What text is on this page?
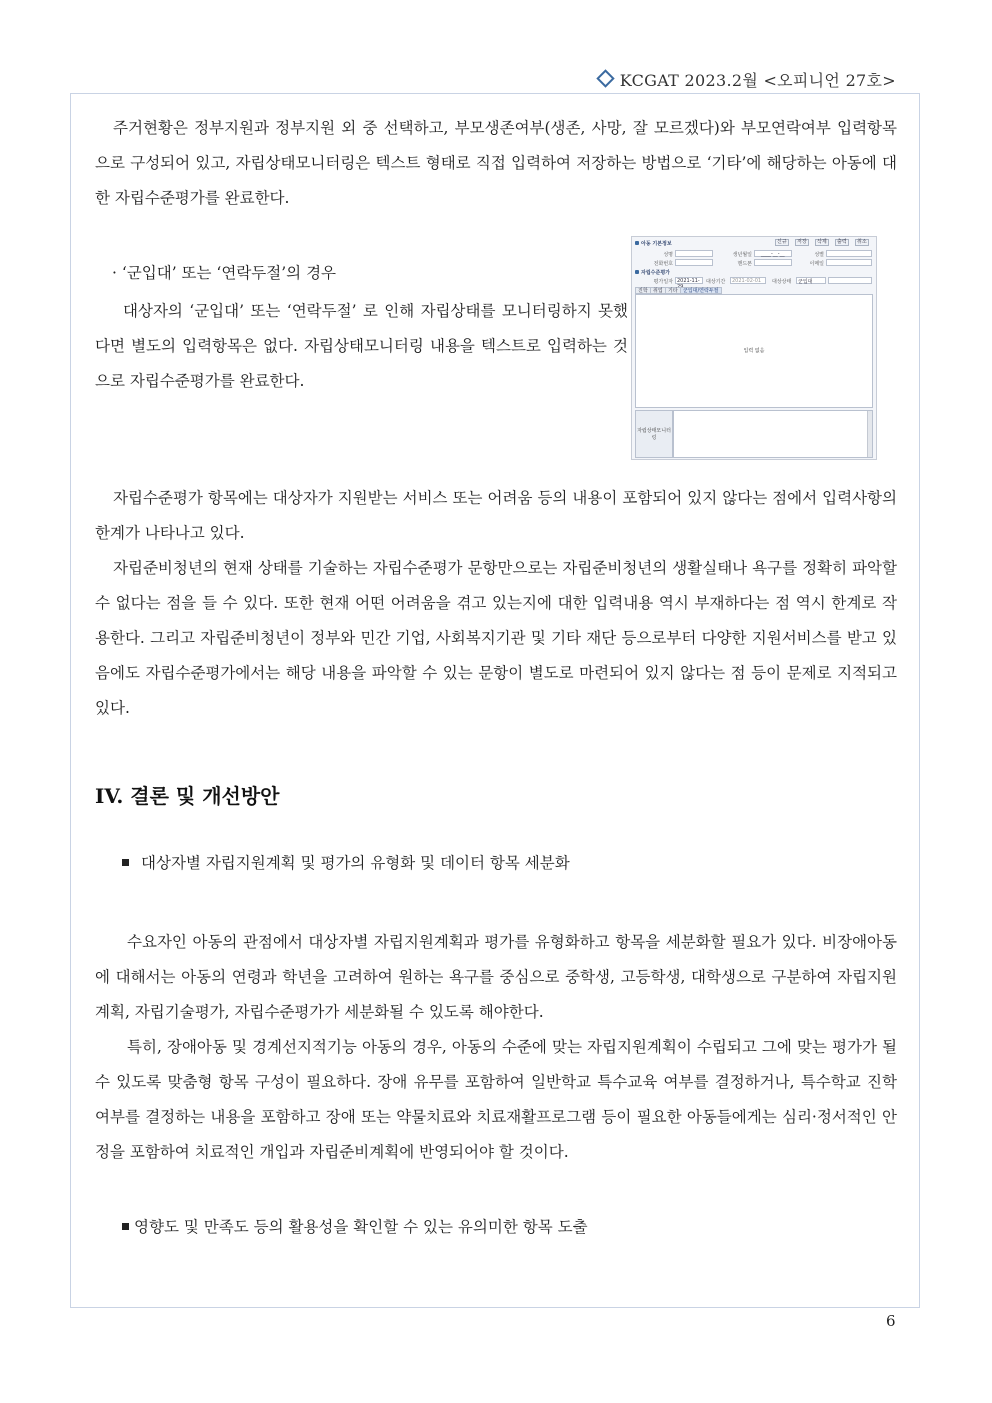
KCGAT 2023.2월 <오피니언 27호>

주거현황은 정부지원과 정부지원 외 중 선택하고, 부모생존여부(생존, 사망, 잘 모르겠다)와 부모연락여부 입력항목으로 구성되어 있고, 자립상태모니터링은 텍스트 형태로 직접 입력하여 저장하는 방법으로 ‘기타’에 해당하는 아동에 대한 자립수준평가를 완료한다.

· ‘군입대’ 또는 ‘연락두절’의 경우

대상자의 ‘군입대’ 또는 ‘연락두절’ 로 인해 자립상태를 모니터링하지 못했다면 별도의 입력항목은 없다. 자립상태모니터링 내용을 텍스트로 입력하는 것으로 자립수준평가를 완료한다.

아동 기본정보	신규	저장	삭제	출력	취소
성명	생년월일	____-__-__	성별
전화번호	핸드폰	이메일
자립수준평가
평가일자 2021-11-	대상기간	2021-02-01	대상상태	군입대
진학	취업	기타	군입대/연락두절
입력 없음
자립상태모니터링

자립수준평가 항목에는 대상자가 지원받는 서비스 또는 어려움 등의 내용이 포함되어 있지 않다는 점에서 입력사항의 한계가 나타나고 있다.

자립준비청년의 현재 상태를 기술하는 자립수준평가 문항만으로는 자립준비청년의 생활실태나 욕구를 정확히 파악할 수 없다는 점을 들 수 있다. 또한 현재 어떤 어려움을 겪고 있는지에 대한 입력내용 역시 부재하다는 점 역시 한계로 작용한다. 그리고 자립준비청년이 정부와 민간 기업, 사회복지기관 및 기타 재단 등으로부터 다양한 지원서비스를 받고 있음에도 자립수준평가에서는 해당 내용을 파악할 수 있는 문항이 별도로 마련되어 있지 않다는 점 등이 문제로 지적되고 있다.

IV. 결론 및 개선방안

대상자별 자립지원계획 및 평가의 유형화 및 데이터 항목 세분화

수요자인 아동의 관점에서 대상자별 자립지원계획과 평가를 유형화하고 항목을 세분화할 필요가 있다. 비장애아동에 대해서는 아동의 연령과 학년을 고려하여 원하는 욕구를 중심으로 중학생, 고등학생, 대학생으로 구분하여 자립지원계획, 자립기술평가, 자립수준평가가 세분화될 수 있도록 해야한다.

특히, 장애아동 및 경계선지적기능 아동의 경우, 아동의 수준에 맞는 자립지원계획이 수립되고 그에 맞는 평가가 될 수 있도록 맞춤형 항목 구성이 필요하다. 장애 유무를 포함하여 일반학교 특수교육 여부를 결정하거나, 특수학교 진학 여부를 결정하는 내용을 포함하고 장애 또는 약물치료와 치료재활프로그램 등이 필요한 아동들에게는 심리·정서적인 안정을 포함하여 치료적인 개입과 자립준비계획에 반영되어야 할 것이다.

영향도 및 만족도 등의 활용성을 확인할 수 있는 유의미한 항목 도출

6
